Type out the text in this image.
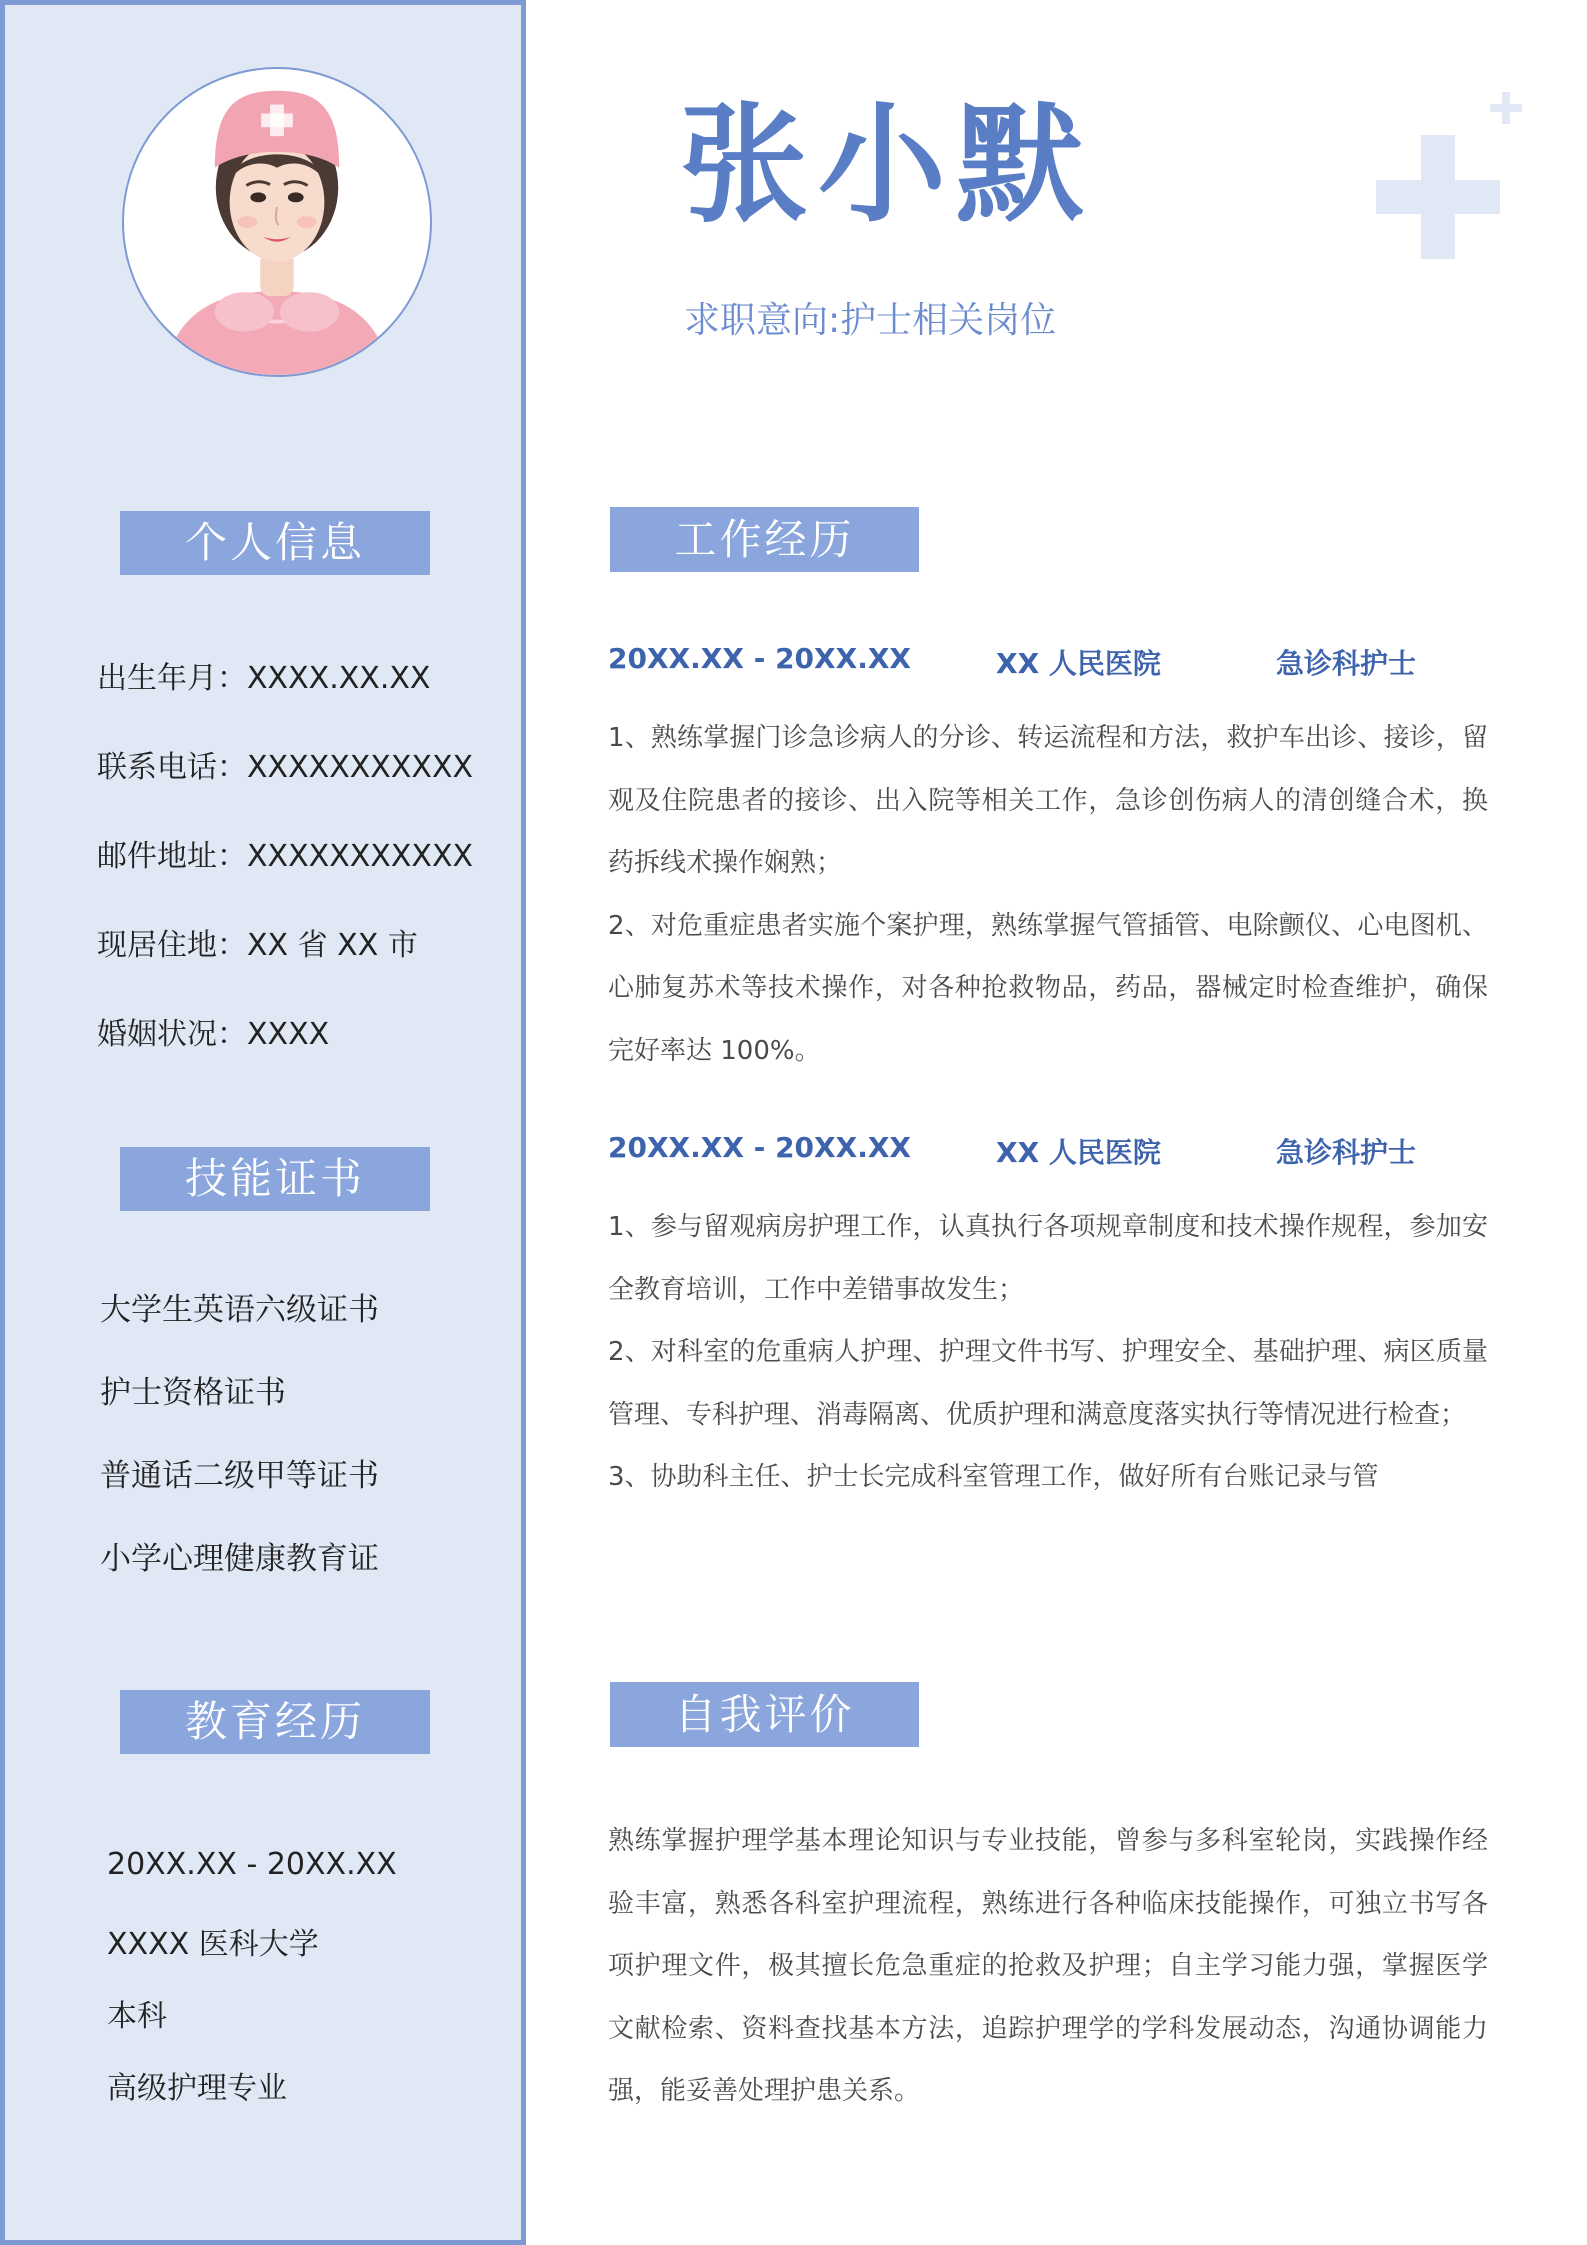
个人信息
出生年月：XXXX.XX.XX
联系电话：XXXXXXXXXXX
邮件地址：XXXXXXXXXXX
现居住地：XX 省 XX 市
婚姻状况：XXXX
技能证书
大学生英语六级证书
护士资格证书
普通话二级甲等证书
小学心理健康教育证
教育经历
20XX.XX - 20XX.XX
XXXX 医科大学
本科
高级护理专业
张小默
求职意向:护士相关岗位
工作经历
20XX.XX - 20XX.XX	XX 人民医院	急诊科护士

1、熟练掌握门诊急诊病人的分诊、转运流程和方法，救护车出诊、接诊，留观及住院患者的接诊、出入院等相关工作，急诊创伤病人的清创缝合术，换药拆线术操作娴熟；
2、对危重症患者实施个案护理，熟练掌握气管插管、电除颤仪、心电图机、心肺复苏术等技术操作，对各种抢救物品，药品，器械定时检查维护，确保完好率达 100%。

20XX.XX - 20XX.XX	XX 人民医院	急诊科护士

1、参与留观病房护理工作，认真执行各项规章制度和技术操作规程，参加安全教育培训，工作中差错事故发生；
2、对科室的危重病人护理、护理文件书写、护理安全、基础护理、病区质量管理、专科护理、消毒隔离、优质护理和满意度落实执行等情况进行检查；
3、协助科主任、护士长完成科室管理工作，做好所有台账记录与管

自我评价

熟练掌握护理学基本理论知识与专业技能，曾参与多科室轮岗，实践操作经验丰富，熟悉各科室护理流程，熟练进行各种临床技能操作，可独立书写各项护理文件，极其擅长危急重症的抢救及护理；自主学习能力强，掌握医学文献检索、资料查找基本方法，追踪护理学的学科发展动态，沟通协调能力强，能妥善处理护患关系。
